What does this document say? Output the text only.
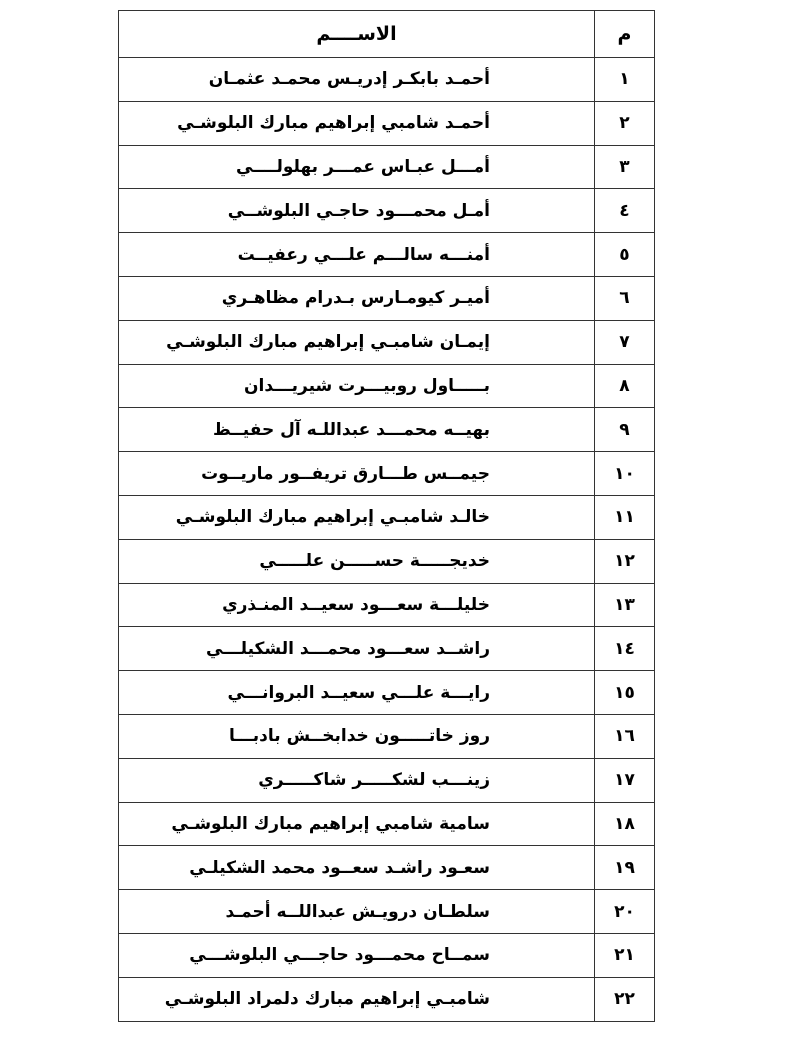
م	الاســــم
١	أحمـد بابكـر إدريـس محمـد عثمـان
٢	أحمـد شامبي إبراهيم مبارك البلوشـي
٣	أمـــل عبـاس عمـــر بهلولــــي
٤	أمـل محمـــود حاجـي البلوشــي
٥	أمنـــه سالـــم علـــي رعفيــت
٦	أميـر كيومـارس بـدرام مظاهـري
٧	إيمـان شامبـي إبراهيم مبارك البلوشـي
٨	بـــــاول روبيـــرت شيريـــدان
٩	بهيــه محمـــد عبداللـه آل حفيــظ
١٠	جيمــس طـــارق تريفــور ماريــوت
١١	خالـد شامبـي إبراهيم مبارك البلوشـي
١٢	خديجـــــة حســـــن علـــــي
١٣	خليلـــة سعـــود سعيــد المنـذري
١٤	راشــد سعـــود محمـــد الشكيلـــي
١٥	رايـــة علـــي سعيــد البروانـــي
١٦	روز خاتـــــون خدابخــش بادبـــا
١٧	زينـــب لشكـــــر شاكـــــري
١٨	سامية شامبي إبراهيم مبارك البلوشـي
١٩	سعـود راشـد سعــود محمد الشكيلـي
٢٠	سلطـان درويـش عبداللــه أحمـد
٢١	سمــاح محمـــود حاجـــي البلوشـــي
٢٢	شامبـي إبراهيم مبارك دلمراد البلوشـي
